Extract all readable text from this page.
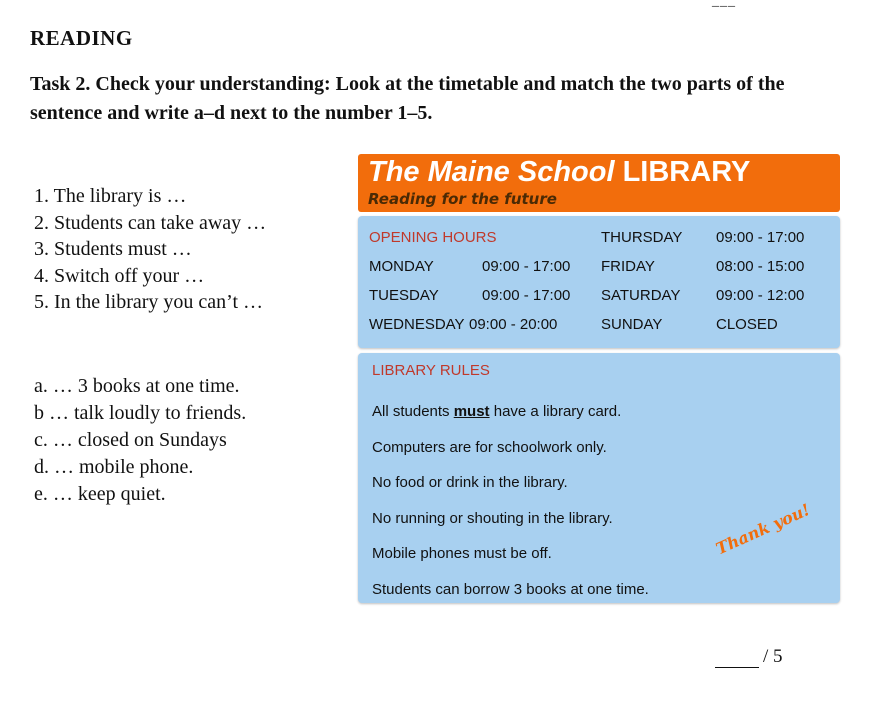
___
READING
Task 2. Check your understanding: Look at the timetable and match the two parts of the sentence and write a–d next to the number 1–5.
1. The library is …
2. Students can take away …
3. Students must …
4. Switch off your …
5. In the library you can’t …
a. … 3 books at one time.
b … talk loudly to friends.
c. … closed on Sundays
d. … mobile phone.
e. … keep quiet.
The Maine School LIBRARY
Reading for the future
OPENING HOURS
MONDAY	09:00 - 17:00
TUESDAY	09:00 - 17:00
WEDNESDAY 09:00 - 20:00
THURSDAY 09:00 - 17:00
FRIDAY	08:00 - 15:00
SATURDAY 09:00 - 12:00
SUNDAY	CLOSED
LIBRARY RULES
All students must have a library card.
Computers are for schoolwork only.
No food or drink in the library.
No running or shouting in the library.
Mobile phones must be off.
Students can borrow 3 books at one time.
Thank you!
/ 5
